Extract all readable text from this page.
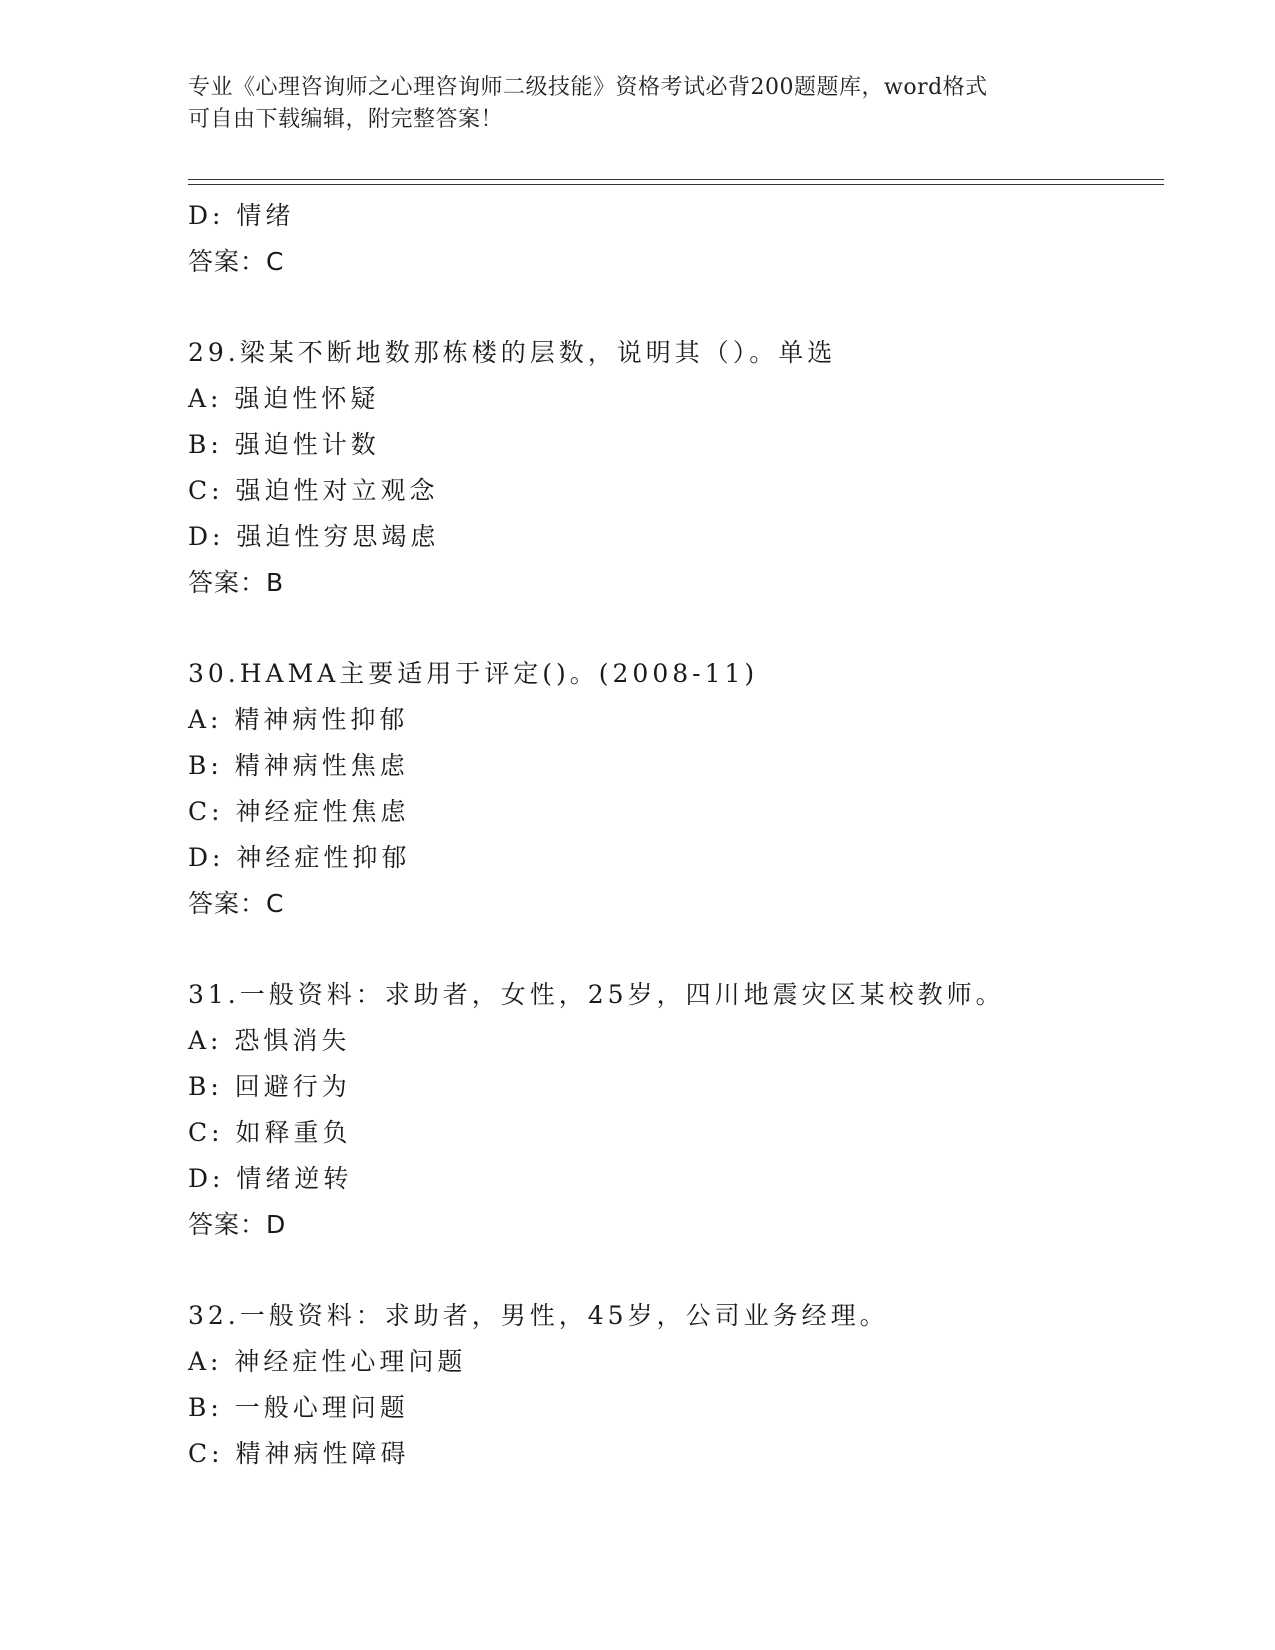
专业《心理咨询师之心理咨询师二级技能》资格考试必背200题题库，word格式
可自由下载编辑，附完整答案！
D: 情绪
答案：C
29.梁某不断地数那栋楼的层数，说明其（）。单选
A: 强迫性怀疑
B: 强迫性计数
C: 强迫性对立观念
D: 强迫性穷思竭虑
答案：B
30.HAMA主要适用于评定()。(2008-11)
A: 精神病性抑郁
B: 精神病性焦虑
C: 神经症性焦虑
D: 神经症性抑郁
答案：C
31.一般资料：求助者，女性，25岁，四川地震灾区某校教师。
A: 恐惧消失
B: 回避行为
C: 如释重负
D: 情绪逆转
答案：D
32.一般资料：求助者，男性，45岁，公司业务经理。
A: 神经症性心理问题
B: 一般心理问题
C: 精神病性障碍
